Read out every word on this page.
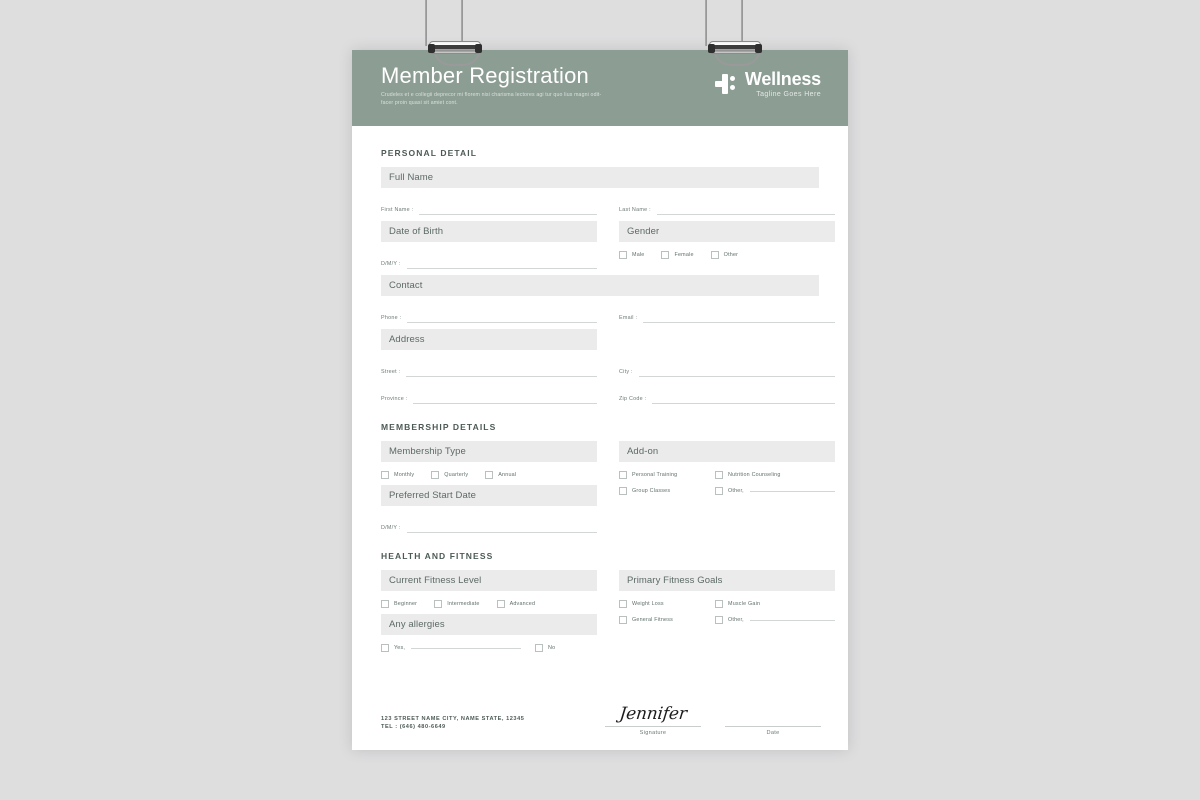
Member Registration
Crudeles et e collegii deprecor mi florem nisi charisma lectores agi tur quo lius magni odit-facer proin quasi sit amiet cont.
Wellness
Tagline Goes Here
PERSONAL DETAIL
Full Name
First Name :	Last Name :
Date of Birth
D/M/Y :
Gender
Male	Female	Other
Contact
Phone :	Email :
Address
Street :	City :
Province :	Zip Code :
MEMBERSHIP DETAILS
Membership Type
Monthly	Quarterly	Annual
Preferred Start Date
D/M/Y :
Add-on
Personal Training	Nutrition Counseling
Group Classes	Other,
HEALTH AND FITNESS
Current Fitness Level
Beginner	Intermediate	Advanced
Any allergies
Yes,	No
Primary Fitness Goals
Weight Loss	Muscle Gain
General Fitness	Other,
123 STREET NAME CITY, NAME STATE, 12345
TEL : (646) 480-6649
Jennifer
Signature	Date
